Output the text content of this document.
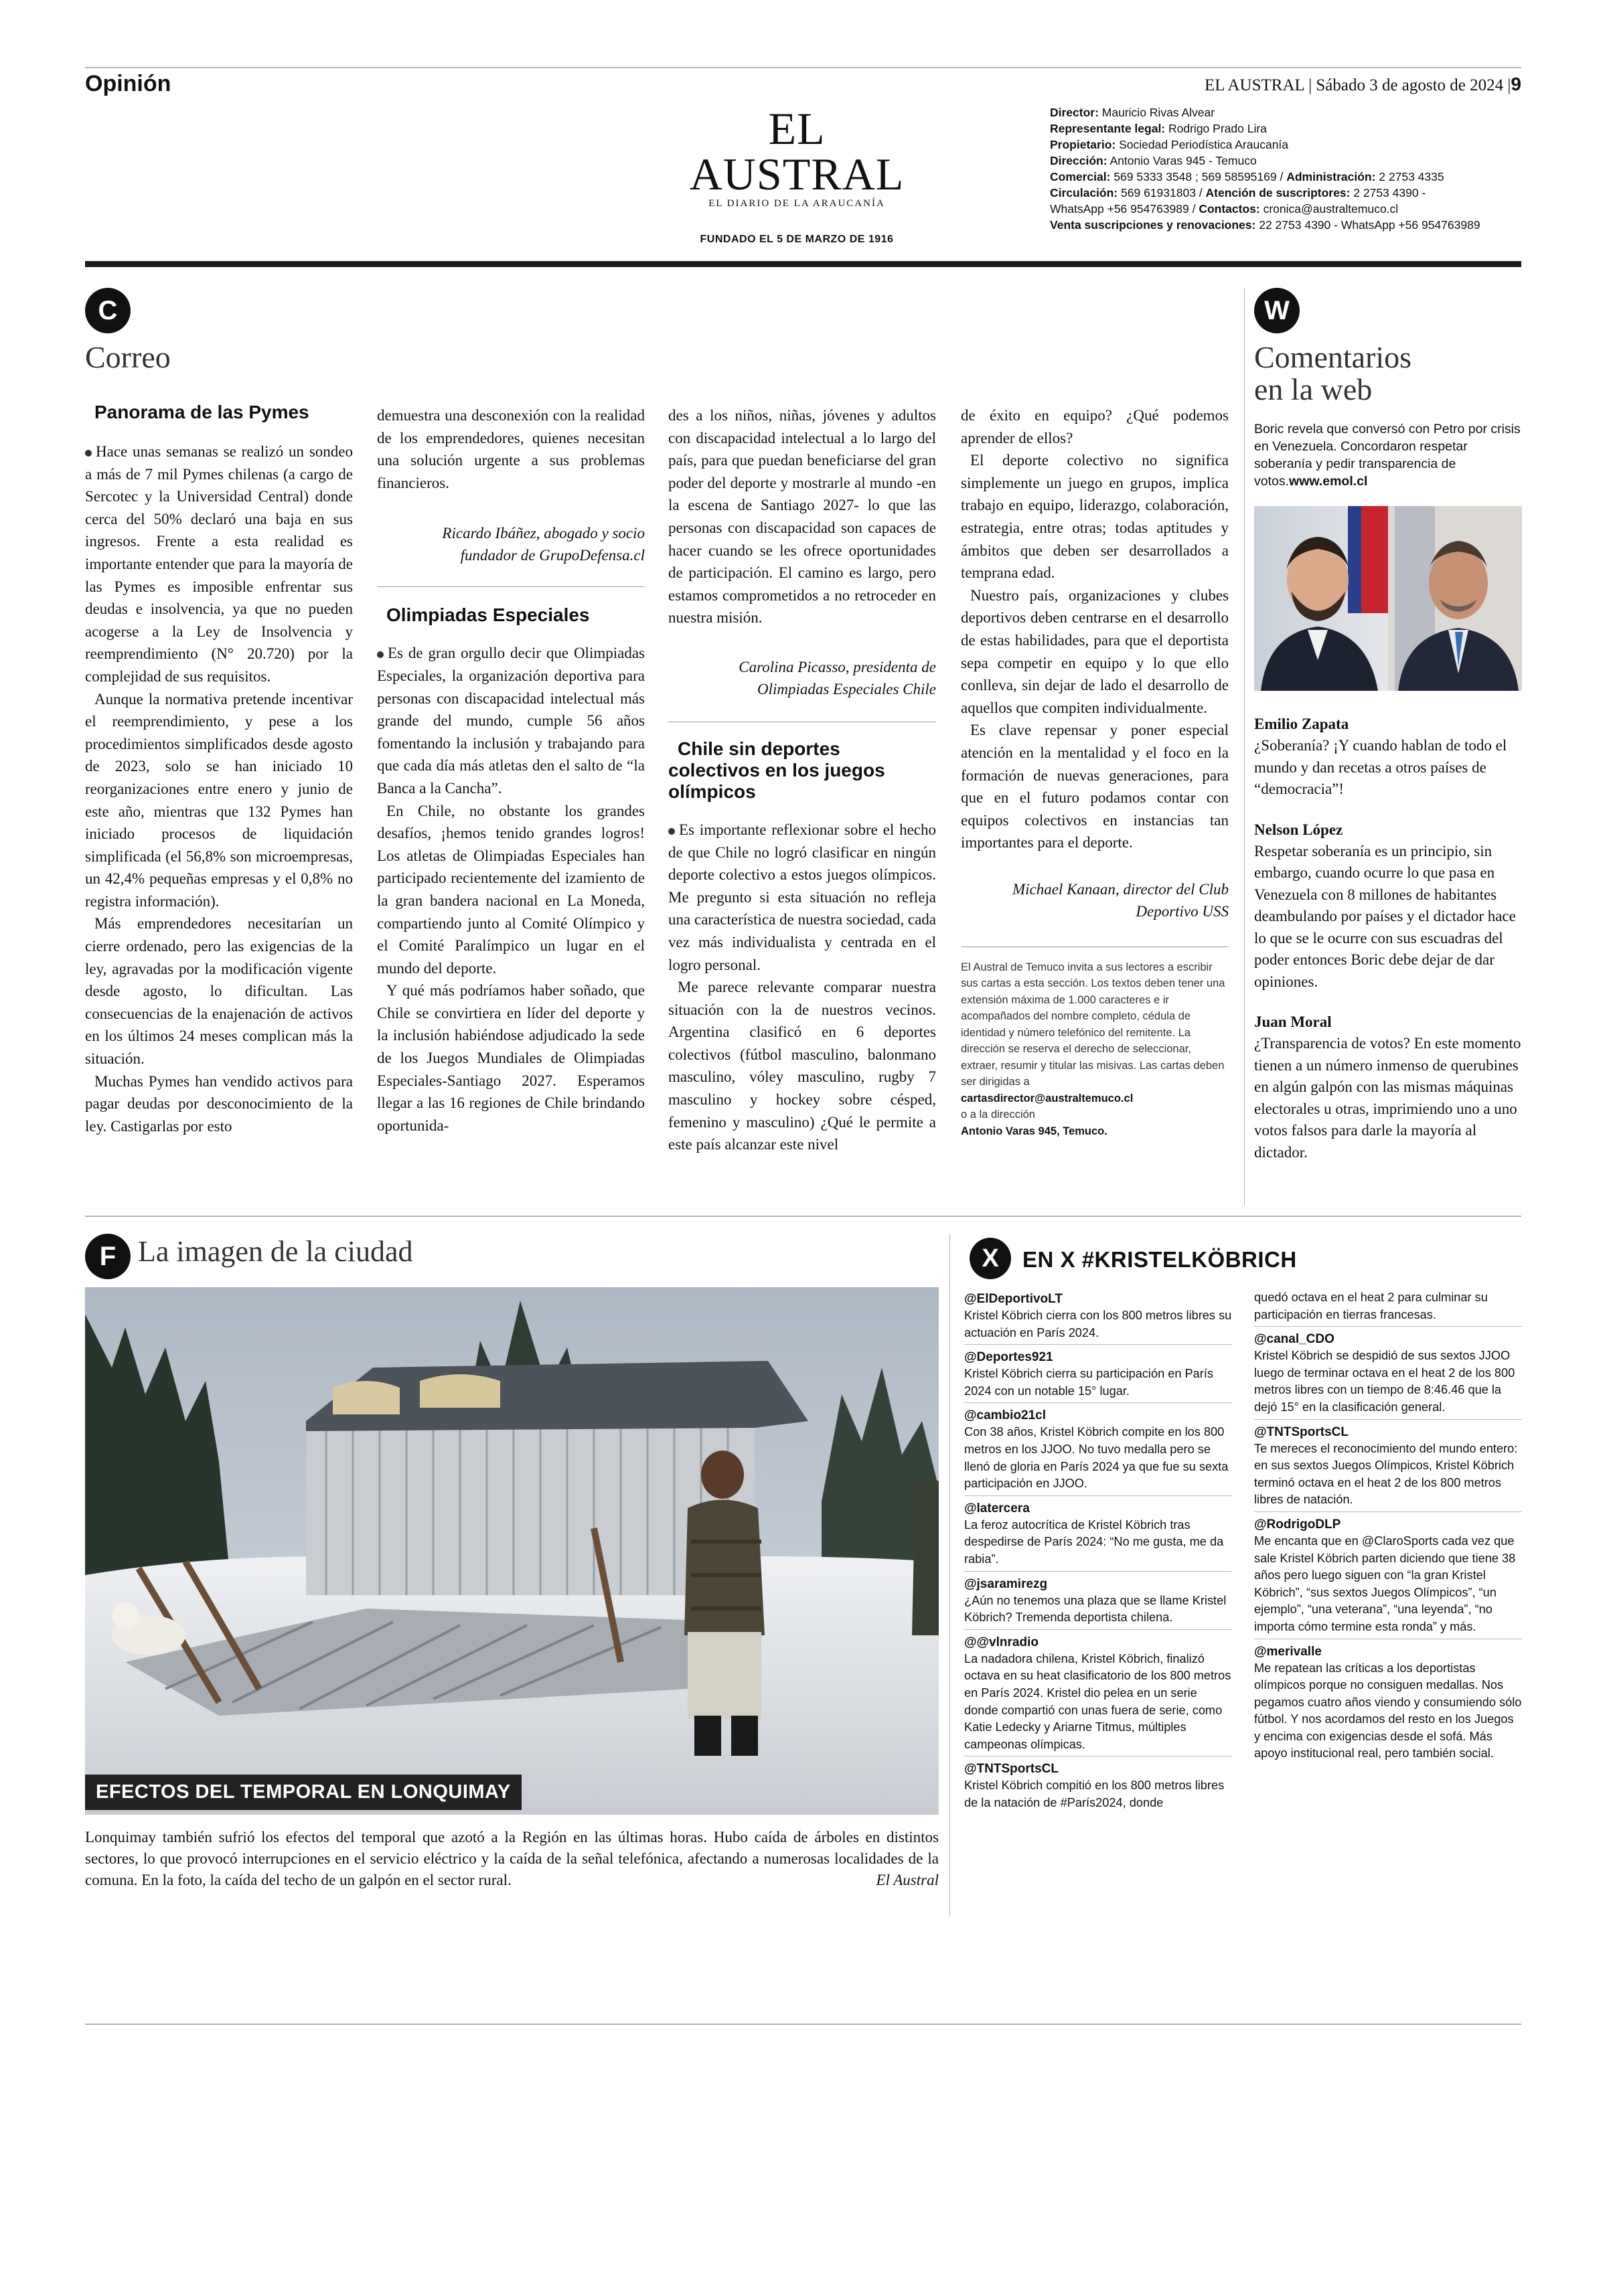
Opinión	EL AUSTRAL | Sábado 3 de agosto de 2024 |9
EL AUSTRAL
EL DIARIO DE LA ARAUCANÍA
FUNDADO EL 5 DE MARZO DE 1916
Director: Mauricio Rivas Alvear
Representante legal: Rodrigo Prado Lira
Propietario: Sociedad Periodística Araucanía
Dirección: Antonio Varas 945 - Temuco
Comercial: 569 5333 3548 ; 569 58595169 / Administración: 2 2753 4335
Circulación: 569 61931803 / Atención de suscriptores: 2 2753 4390 -
WhatsApp +56 954763989 / Contactos: cronica@australtemuco.cl
Venta suscripciones y renovaciones: 22 2753 4390 - WhatsApp +56 954763989
C
Correo

Panorama de las Pymes

Hace unas semanas se realizó un sondeo a más de 7 mil Pymes chilenas (a cargo de Sercotec y la Universidad Central) donde cerca del 50% declaró una baja en sus ingresos. Frente a esta realidad es importante entender que para la mayoría de las Pymes es imposible enfrentar sus deudas e insolvencia, ya que no pueden acogerse a la Ley de Insolvencia y reemprendimiento (N° 20.720) por la complejidad de sus requisitos.

Aunque la normativa pretende incentivar el reemprendimiento, y pese a los procedimientos simplificados desde agosto de 2023, solo se han iniciado 10 reorganizaciones entre enero y junio de este año, mientras que 132 Pymes han iniciado procesos de liquidación simplificada (el 56,8% son microempresas, un 42,4% pequeñas empresas y el 0,8% no registra información).

Más emprendedores necesitarían un cierre ordenado, pero las exigencias de la ley, agravadas por la modificación vigente desde agosto, lo dificultan. Las consecuencias de la enajenación de activos en los últimos 24 meses complican más la situación.

Muchas Pymes han vendido activos para pagar deudas por desconocimiento de la ley. Castigarlas por esto

demuestra una desconexión con la realidad de los emprendedores, quienes necesitan una solución urgente a sus problemas financieros.

Ricardo Ibáñez, abogado y socio fundador de GrupoDefensa.cl

Olimpiadas Especiales

Es de gran orgullo decir que Olimpiadas Especiales, la organización deportiva para personas con discapacidad intelectual más grande del mundo, cumple 56 años fomentando la inclusión y trabajando para que cada día más atletas den el salto de “la Banca a la Cancha”.

En Chile, no obstante los grandes desafíos, ¡hemos tenido grandes logros! Los atletas de Olimpiadas Especiales han participado recientemente del izamiento de la gran bandera nacional en La Moneda, compartiendo junto al Comité Olímpico y el Comité Paralímpico un lugar en el mundo del deporte.

Y qué más podríamos haber soñado, que Chile se convirtiera en líder del deporte y la inclusión habiéndose adjudicado la sede de los Juegos Mundiales de Olimpiadas Especiales-Santiago 2027. Esperamos llegar a las 16 regiones de Chile brindando oportunida-

des a los niños, niñas, jóvenes y adultos con discapacidad intelectual a lo largo del país, para que puedan beneficiarse del gran poder del deporte y mostrarle al mundo -en la escena de Santiago 2027- lo que las personas con discapacidad son capaces de hacer cuando se les ofrece oportunidades de participación. El camino es largo, pero estamos comprometidos a no retroceder en nuestra misión.

Carolina Picasso, presidenta de Olimpiadas Especiales Chile

Chile sin deportes colectivos en los juegos olímpicos

Es importante reflexionar sobre el hecho de que Chile no logró clasificar en ningún deporte colectivo a estos juegos olímpicos. Me pregunto si esta situación no refleja una característica de nuestra sociedad, cada vez más individualista y centrada en el logro personal.

Me parece relevante comparar nuestra situación con la de nuestros vecinos. Argentina clasificó en 6 deportes colectivos (fútbol masculino, balonmano masculino, vóley masculino, rugby 7 masculino y hockey sobre césped, femenino y masculino) ¿Qué le permite a este país alcanzar este nivel

de éxito en equipo? ¿Qué podemos aprender de ellos?

El deporte colectivo no significa simplemente un juego en grupos, implica trabajo en equipo, liderazgo, colaboración, estrategia, entre otras; todas aptitudes y ámbitos que deben ser desarrollados a temprana edad.

Nuestro país, organizaciones y clubes deportivos deben centrarse en el desarrollo de estas habilidades, para que el deportista sepa competir en equipo y lo que ello conlleva, sin dejar de lado el desarrollo de aquellos que compiten individualmente.

Es clave repensar y poner especial atención en la mentalidad y el foco en la formación de nuevas generaciones, para que en el futuro podamos contar con equipos colectivos en instancias tan importantes para el deporte.

Michael Kanaan, director del Club Deportivo USS

El Austral de Temuco invita a sus lectores a escribir sus cartas a esta sección. Los textos deben tener una extensión máxima de 1.000 caracteres e ir acompañados del nombre completo, cédula de identidad y número telefónico del remitente. La dirección se reserva el derecho de seleccionar, extraer, resumir y titular las misivas. Las cartas deben ser dirigidas a
cartasdirector@australtemuco.cl
o a la dirección
Antonio Varas 945, Temuco.
W
Comentarios
en la web
Boric revela que conversó con Petro por crisis en Venezuela. Concordaron respetar soberanía y pedir transparencia de votos.www.emol.cl

Emilio Zapata

¿Soberanía? ¡Y cuando hablan de todo el mundo y dan recetas a otros países de “democracia”!

Nelson López

Respetar soberanía es un principio, sin embargo, cuando ocurre lo que pasa en Venezuela con 8 millones de habitantes deambulando por países y el dictador hace lo que se le ocurre con sus escuadras del poder entonces Boric debe dejar de dar opiniones.

Juan Moral

¿Transparencia de votos? En este momento tienen a un número inmenso de querubines en algún galpón con las mismas máquinas electorales u otras, imprimiendo uno a uno votos falsos para darle la mayoría al dictador.

F La imagen de la ciudad
EFECTOS DEL TEMPORAL EN LONQUIMAY
Lonquimay también sufrió los efectos del temporal que azotó a la Región en las últimas horas. Hubo caída de árboles en distintos sectores, lo que provocó interrupciones en el servicio eléctrico y la caída de la señal telefónica, afectando a numerosas localidades de la comuna. En la foto, la caída del techo de un galpón en el sector rural.	El Austral
X	EN X #KRISTELKÖBRICH

@ElDeportivoLT

Kristel Köbrich cierra con los 800 metros libres su actuación en París 2024.

@Deportes921

Kristel Köbrich cierra su participación en París 2024 con un notable 15° lugar.

@cambio21cl

Con 38 años, Kristel Köbrich compite en los 800 metros en los JJOO. No tuvo medalla pero se llenó de gloria en París 2024 ya que fue su sexta participación en JJOO.

@latercera

La feroz autocrítica de Kristel Köbrich tras despedirse de París 2024: “No me gusta, me da rabia”.

@jsaramirezg

¿Aún no tenemos una plaza que se llame Kristel Köbrich? Tremenda deportista chilena.

@@vlnradio

La nadadora chilena, Kristel Köbrich, finalizó octava en su heat clasificatorio de los 800 metros en París 2024. Kristel dio pelea en un serie donde compartió con unas fuera de serie, como Katie Ledecky y Ariarne Titmus, múltiples campeonas olímpicas.

@TNTSportsCL

Kristel Köbrich compitió en los 800 metros libres de la natación de #París2024, donde

quedó octava en el heat 2 para culminar su participación en tierras francesas.

@canal_CDO

Kristel Köbrich se despidió de sus sextos JJOO luego de terminar octava en el heat 2 de los 800 metros libres con un tiempo de 8:46.46 que la dejó 15° en la clasificación general.

@TNTSportsCL

Te mereces el reconocimiento del mundo entero: en sus sextos Juegos Olímpicos, Kristel Köbrich terminó octava en el heat 2 de los 800 metros libres de natación.

@RodrigoDLP

Me encanta que en @ClaroSports cada vez que sale Kristel Köbrich parten diciendo que tiene 38 años pero luego siguen con “la gran Kristel Köbrich”, “sus sextos Juegos Olímpicos”, “un ejemplo”, “una veterana”, “una leyenda”, “no importa cómo termine esta ronda” y más.

@merivalle

Me repatean las críticas a los deportistas olímpicos porque no consiguen medallas. Nos pegamos cuatro años viendo y consumiendo sólo fútbol. Y nos acordamos del resto en los Juegos y encima con exigencias desde el sofá. Más apoyo institucional real, pero también social.
